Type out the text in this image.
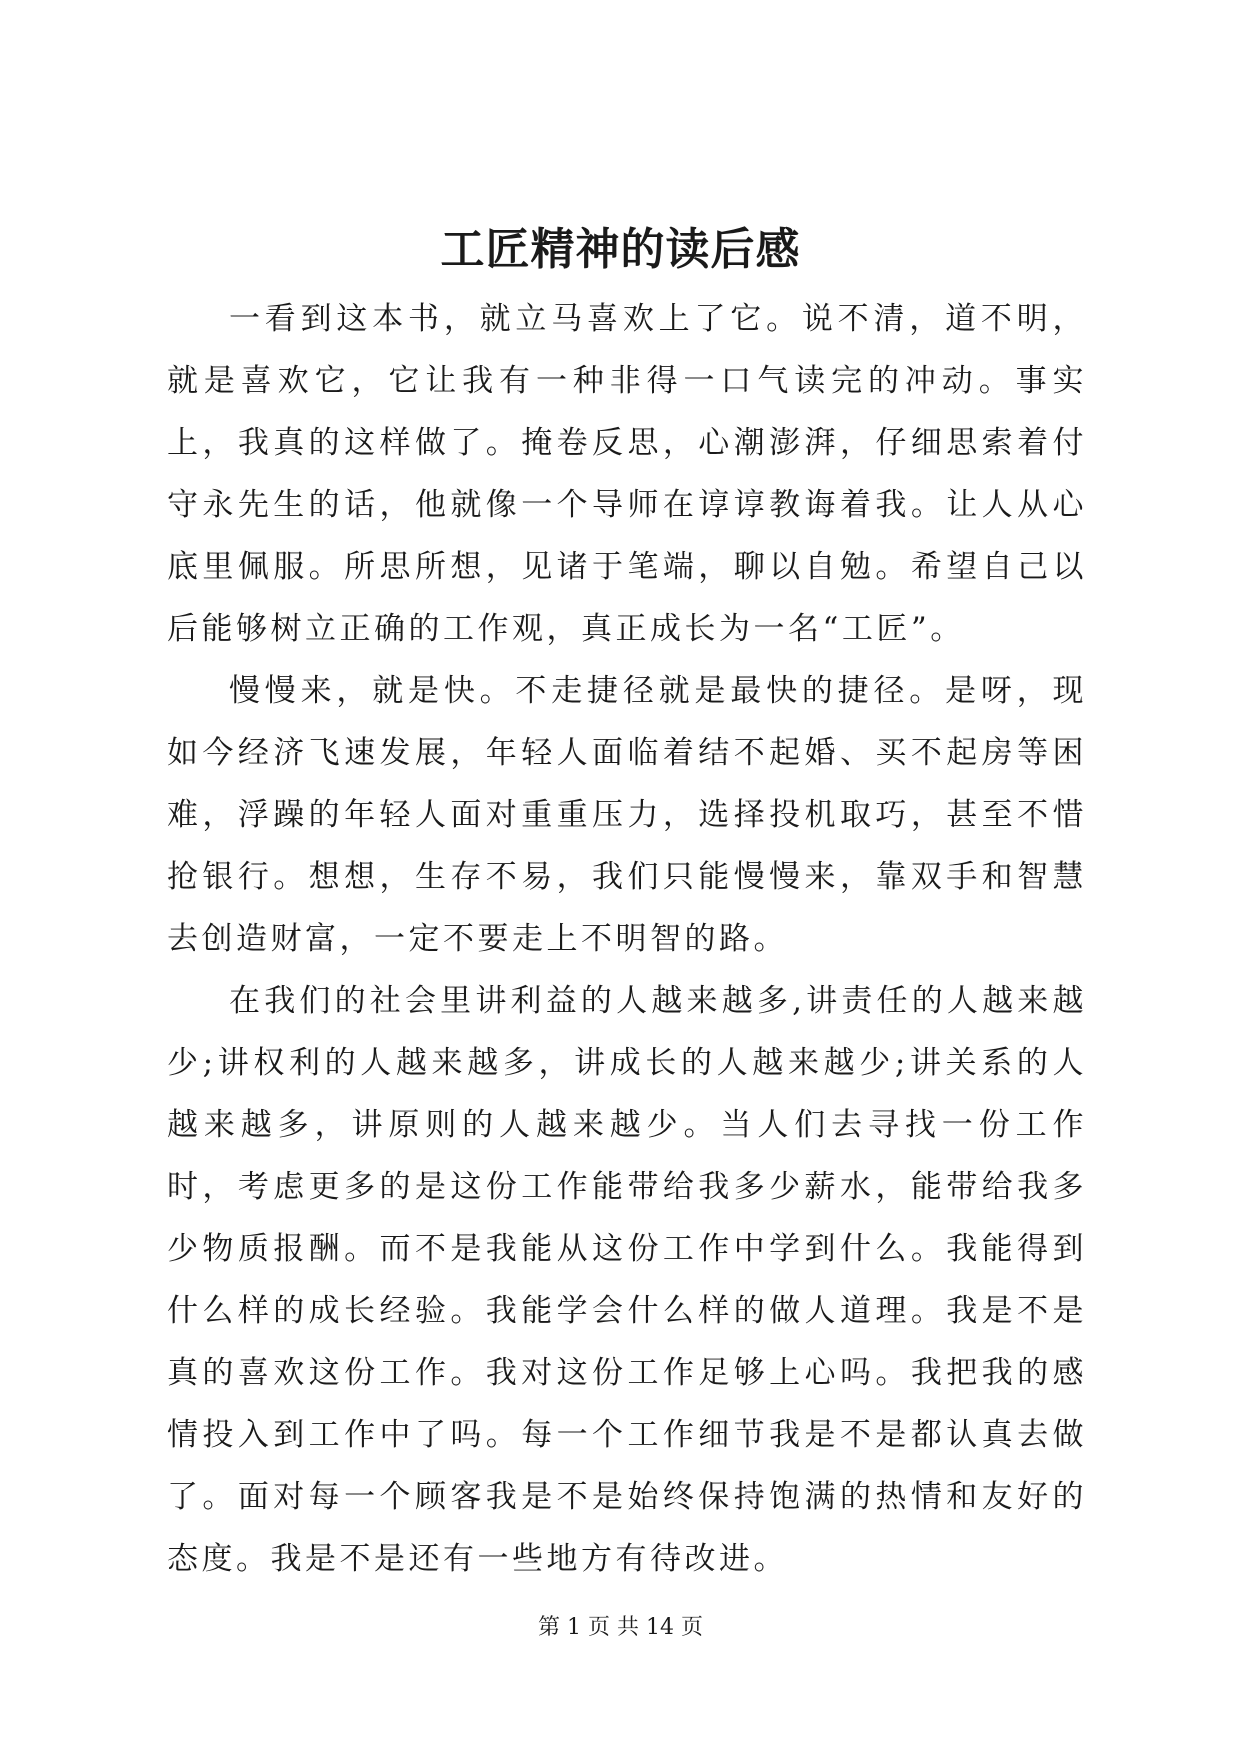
工匠精神的读后感

一看到这本书，就立马喜欢上了它。说不清，道不明，就是喜欢它，它让我有一种非得一口气读完的冲动。事实上，我真的这样做了。掩卷反思，心潮澎湃，仔细思索着付守永先生的话，他就像一个导师在谆谆教诲着我。让人从心底里佩服。所思所想，见诸于笔端，聊以自勉。希望自己以后能够树立正确的工作观，真正成长为一名“工匠”。

慢慢来，就是快。不走捷径就是最快的捷径。是呀，现如今经济飞速发展，年轻人面临着结不起婚、买不起房等困难，浮躁的年轻人面对重重压力，选择投机取巧，甚至不惜抢银行。想想，生存不易，我们只能慢慢来，靠双手和智慧去创造财富，一定不要走上不明智的路。

在我们的社会里讲利益的人越来越多,讲责任的人越来越少;讲权利的人越来越多，讲成长的人越来越少;讲关系的人越来越多，讲原则的人越来越少。当人们去寻找一份工作时，考虑更多的是这份工作能带给我多少薪水，能带给我多少物质报酬。而不是我能从这份工作中学到什么。我能得到什么样的成长经验。我能学会什么样的做人道理。我是不是真的喜欢这份工作。我对这份工作足够上心吗。我把我的感情投入到工作中了吗。每一个工作细节我是不是都认真去做了。面对每一个顾客我是不是始终保持饱满的热情和友好的态度。我是不是还有一些地方有待改进。

第 1 页 共 14 页
